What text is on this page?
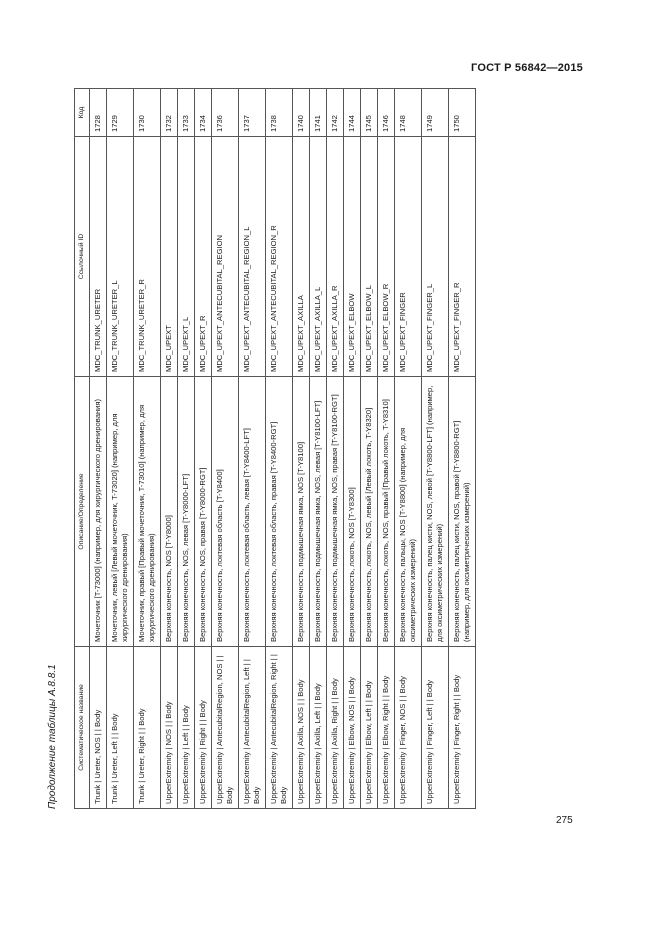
ГОСТ Р 56842—2015
Продолжение таблицы А.8.8.1	Систематическое название	Описание/Определение	Ссылочный ID	Код
Trunk | Ureter, NOS | | Body	Мочеточник [T-73000] (например, для хирургического дренирования)	MDC_TRUNK_URETER	1728
Trunk | Ureter, Left | | Body	Мочеточник, левый [Левый мочеточник, T-73020] (например, для хирургического дренирования)	MDC_TRUNK_URETER_L	1729
Trunk | Ureter, Right | | Body	Мочеточник, правый [Правый мочеточник, T-73010] (например, для хирургического дренирования)	MDC_TRUNK_URETER_R	1730
UpperExtremity | NOS | | Body	Верхняя конечность, NOS [T-Y8000]	MDC_UPEXT	1732
UpperExtremity | Left | | Body	Верхняя конечность, NOS, левая [T-Y8000-LFT]	MDC_UPEXT_L	1733
UpperExtremity | Right | | Body	Верхняя конечность, NOS, правая [T-Y8000-RGT]	MDC_UPEXT_R	1734
UpperExtremity | AntecubitalRegion, NOS | | Body	Верхняя конечность, локтевая область [T-Y8400]	MDC_UPEXT_ANTECUBITAL_REGION	1736
UpperExtremity | AntecubitalRegion, Left | | Body	Верхняя конечность, локтевая область, левая [T-Y8400-LFT]	MDC_UPEXT_ANTECUBITAL_REGION_L	1737
UpperExtremity | AntecubitalRegion, Right | | Body	Верхняя конечность, локтевая область, правая [T-Y8400-RGT]	MDC_UPEXT_ANTECUBITAL_REGION_R	1738
UpperExtremity | Axilla, NOS | | Body	Верхняя конечность, подмышечная ямка, NOS [T-Y8100]	MDC_UPEXT_AXILLA	1740
UpperExtremity | Axilla, Left | | Body	Верхняя конечность, подмышечная ямка, NOS, левая [T-Y8100-LFT]	MDC_UPEXT_AXILLA_L	1741
UpperExtremity | Axilla, Right | | Body	Верхняя конечность, подмышечная ямка, NOS, правая [T-Y8100-RGT]	MDC_UPEXT_AXILLA_R	1742
UpperExtremity | Elbow, NOS | | Body	Верхняя конечность, локоть, NOS [T-Y8300]	MDC_UPEXT_ELBOW	1744
UpperExtremity | Elbow, Left | | Body	Верхняя конечность, локоть, NOS, левый [Левый локоть, T-Y8320]	MDC_UPEXT_ELBOW_L	1745
UpperExtremity | Elbow, Right | | Body	Верхняя конечность, локоть, NOS, правый [Правый локоть, T-Y8310]	MDC_UPEXT_ELBOW_R	1746
UpperExtremity | Finger, NOS | | Body	Верхняя конечность, пальцы, NOS [T-Y8800] (например, для оксиметрических измерений)	MDC_UPEXT_FINGER	1748
UpperExtremity | Finger, Left | | Body	Верхняя конечность, палец кисти, NOS, левой [T-Y8800-LFT] (например, для оксиметрических измерений)	MDC_UPEXT_FINGER_L	1749
UpperExtremity | Finger, Right | | Body	Верхняя конечность, палец кисти, NOS, правой [T-Y8800-RGT] (например, для оксиметрических измерений)	MDC_UPEXT_FINGER_R	1750
275
